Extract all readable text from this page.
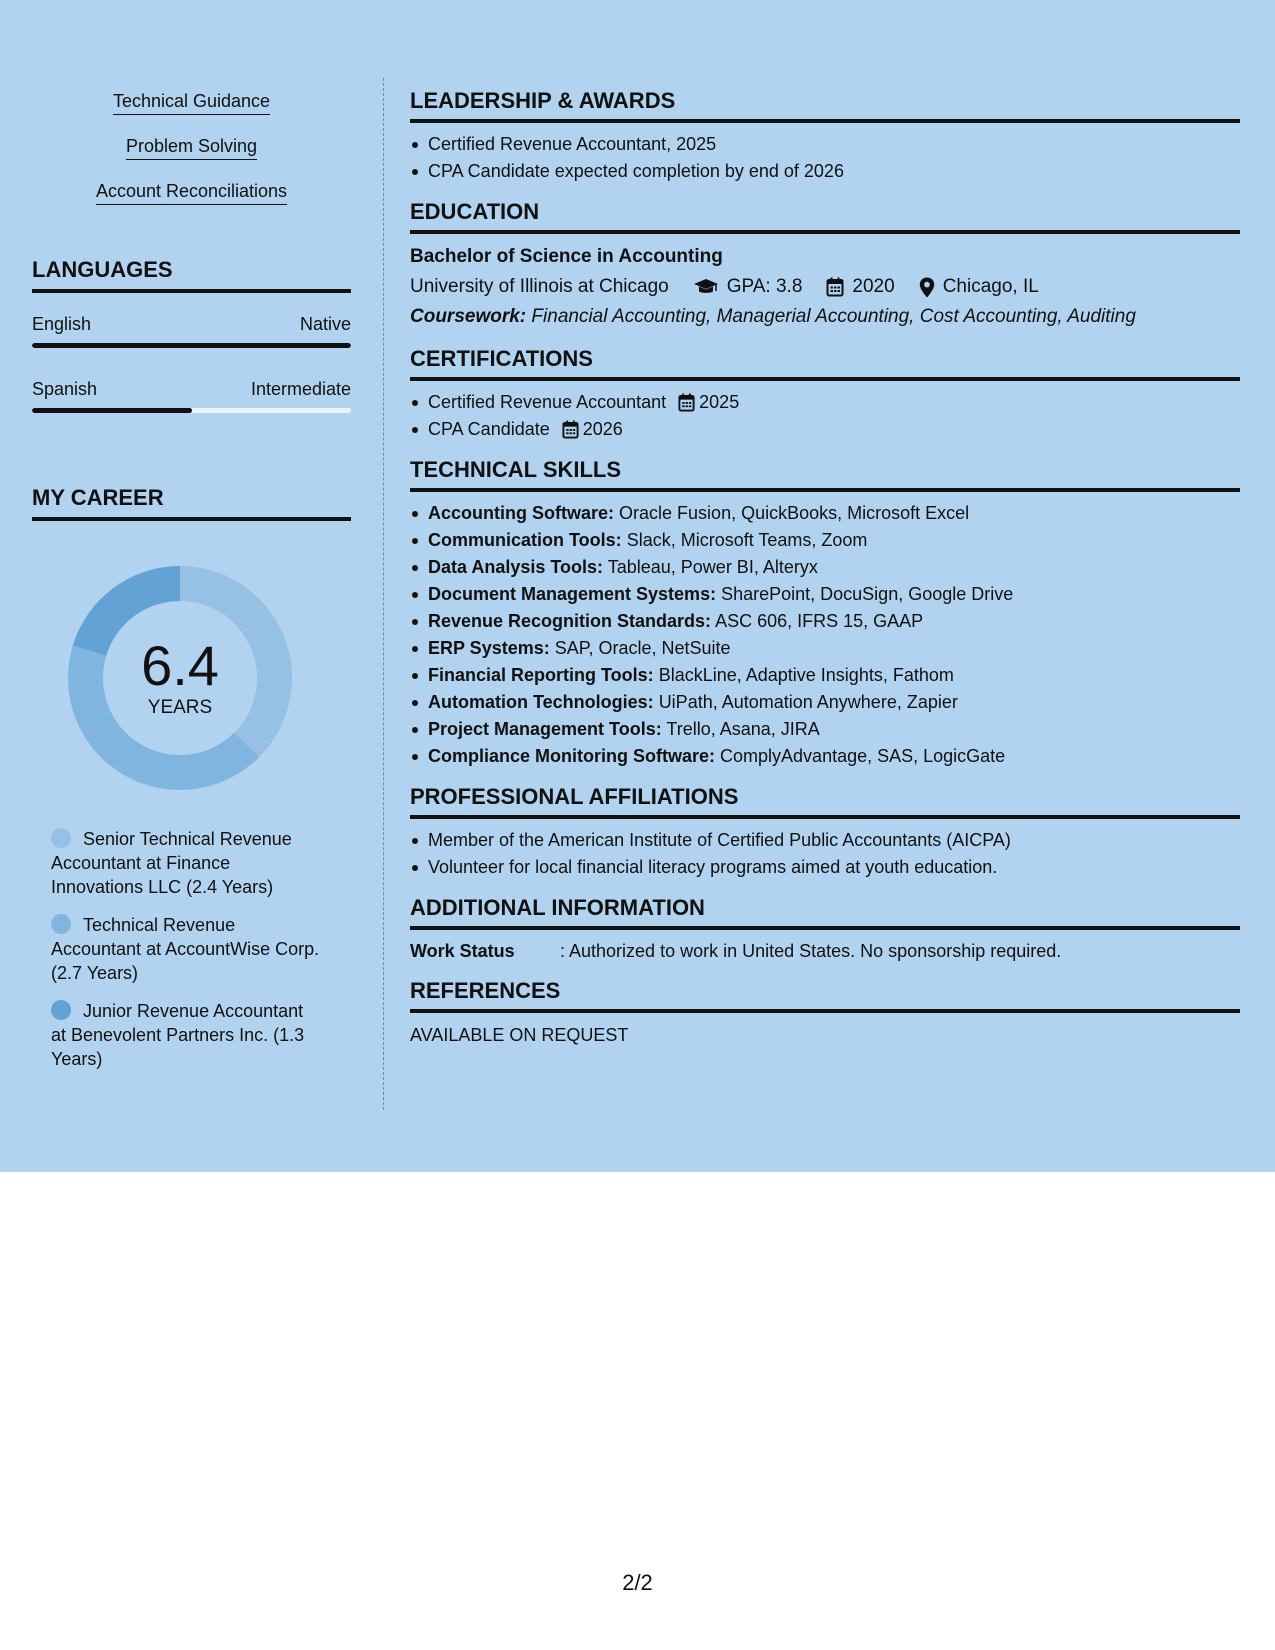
Technical Guidance
Problem Solving
Account Reconciliations
LANGUAGES
English	Native
Spanish	Intermediate
MY CAREER
6.4
YEARS
Senior Technical Revenue Accountant at Finance Innovations LLC (2.4 Years)
Technical Revenue Accountant at AccountWise Corp. (2.7 Years)
Junior Revenue Accountant at Benevolent Partners Inc. (1.3 Years)
LEADERSHIP & AWARDS
Certified Revenue Accountant, 2025
CPA Candidate expected completion by end of 2026
EDUCATION
Bachelor of Science in Accounting
University of Illinois at Chicago	GPA: 3.8	2020	Chicago, IL
Coursework: Financial Accounting, Managerial Accounting, Cost Accounting, Auditing
CERTIFICATIONS
Certified Revenue Accountant 2025
CPA Candidate 2026
TECHNICAL SKILLS
Accounting Software: Oracle Fusion, QuickBooks, Microsoft Excel
Communication Tools: Slack, Microsoft Teams, Zoom
Data Analysis Tools: Tableau, Power BI, Alteryx
Document Management Systems: SharePoint, DocuSign, Google Drive
Revenue Recognition Standards: ASC 606, IFRS 15, GAAP
ERP Systems: SAP, Oracle, NetSuite
Financial Reporting Tools: BlackLine, Adaptive Insights, Fathom
Automation Technologies: UiPath, Automation Anywhere, Zapier
Project Management Tools: Trello, Asana, JIRA
Compliance Monitoring Software: ComplyAdvantage, SAS, LogicGate
PROFESSIONAL AFFILIATIONS
Member of the American Institute of Certified Public Accountants (AICPA)
Volunteer for local financial literacy programs aimed at youth education.
ADDITIONAL INFORMATION
Work Status	: Authorized to work in United States. No sponsorship required.
REFERENCES
AVAILABLE ON REQUEST
2/2
